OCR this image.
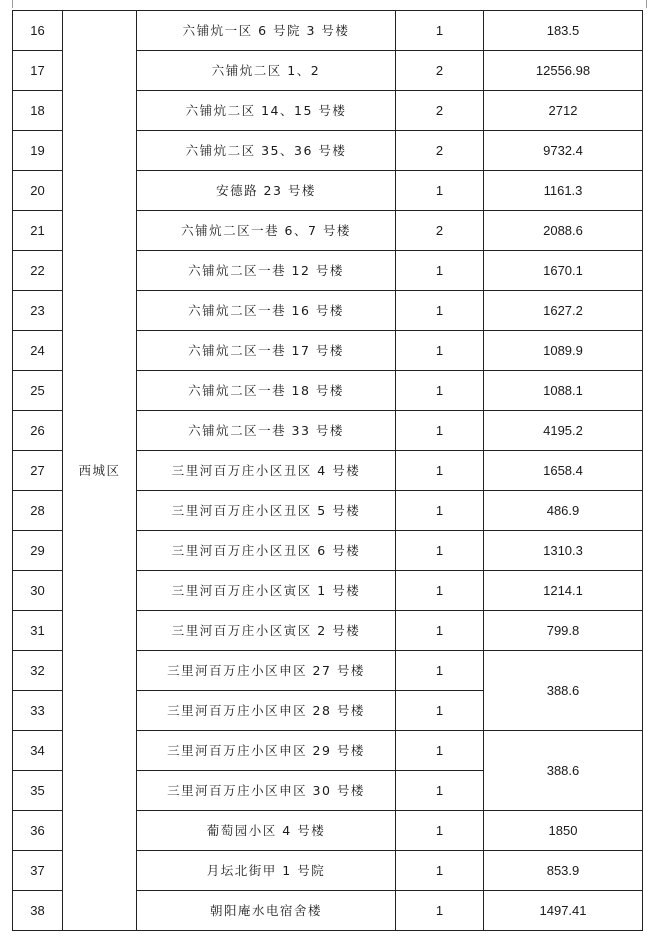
16	西城区	六铺炕一区 6 号院 3 号楼	1	183.5
17		六铺炕二区 1、2	2	12556.98
18		六铺炕二区 14、15 号楼	2	2712
19		六铺炕二区 35、36 号楼	2	9732.4
20		安德路 23 号楼	1	1161.3
21		六铺炕二区一巷 6、7 号楼	2	2088.6
22		六铺炕二区一巷 12 号楼	1	1670.1
23		六铺炕二区一巷 16 号楼	1	1627.2
24		六铺炕二区一巷 17 号楼	1	1089.9
25		六铺炕二区一巷 18 号楼	1	1088.1
26		六铺炕二区一巷 33 号楼	1	4195.2
27		三里河百万庄小区丑区 4 号楼	1	1658.4
28		三里河百万庄小区丑区 5 号楼	1	486.9
29		三里河百万庄小区丑区 6 号楼	1	1310.3
30		三里河百万庄小区寅区 1 号楼	1	1214.1
31		三里河百万庄小区寅区 2 号楼	1	799.8
32		三里河百万庄小区申区 27 号楼	1	388.6
33		三里河百万庄小区申区 28 号楼	1	
34		三里河百万庄小区申区 29 号楼	1	388.6
35		三里河百万庄小区申区 30 号楼	1	
36		葡萄园小区 4 号楼	1	1850
37		月坛北街甲 1 号院	1	853.9
38		朝阳庵水电宿舍楼	1	1497.41
